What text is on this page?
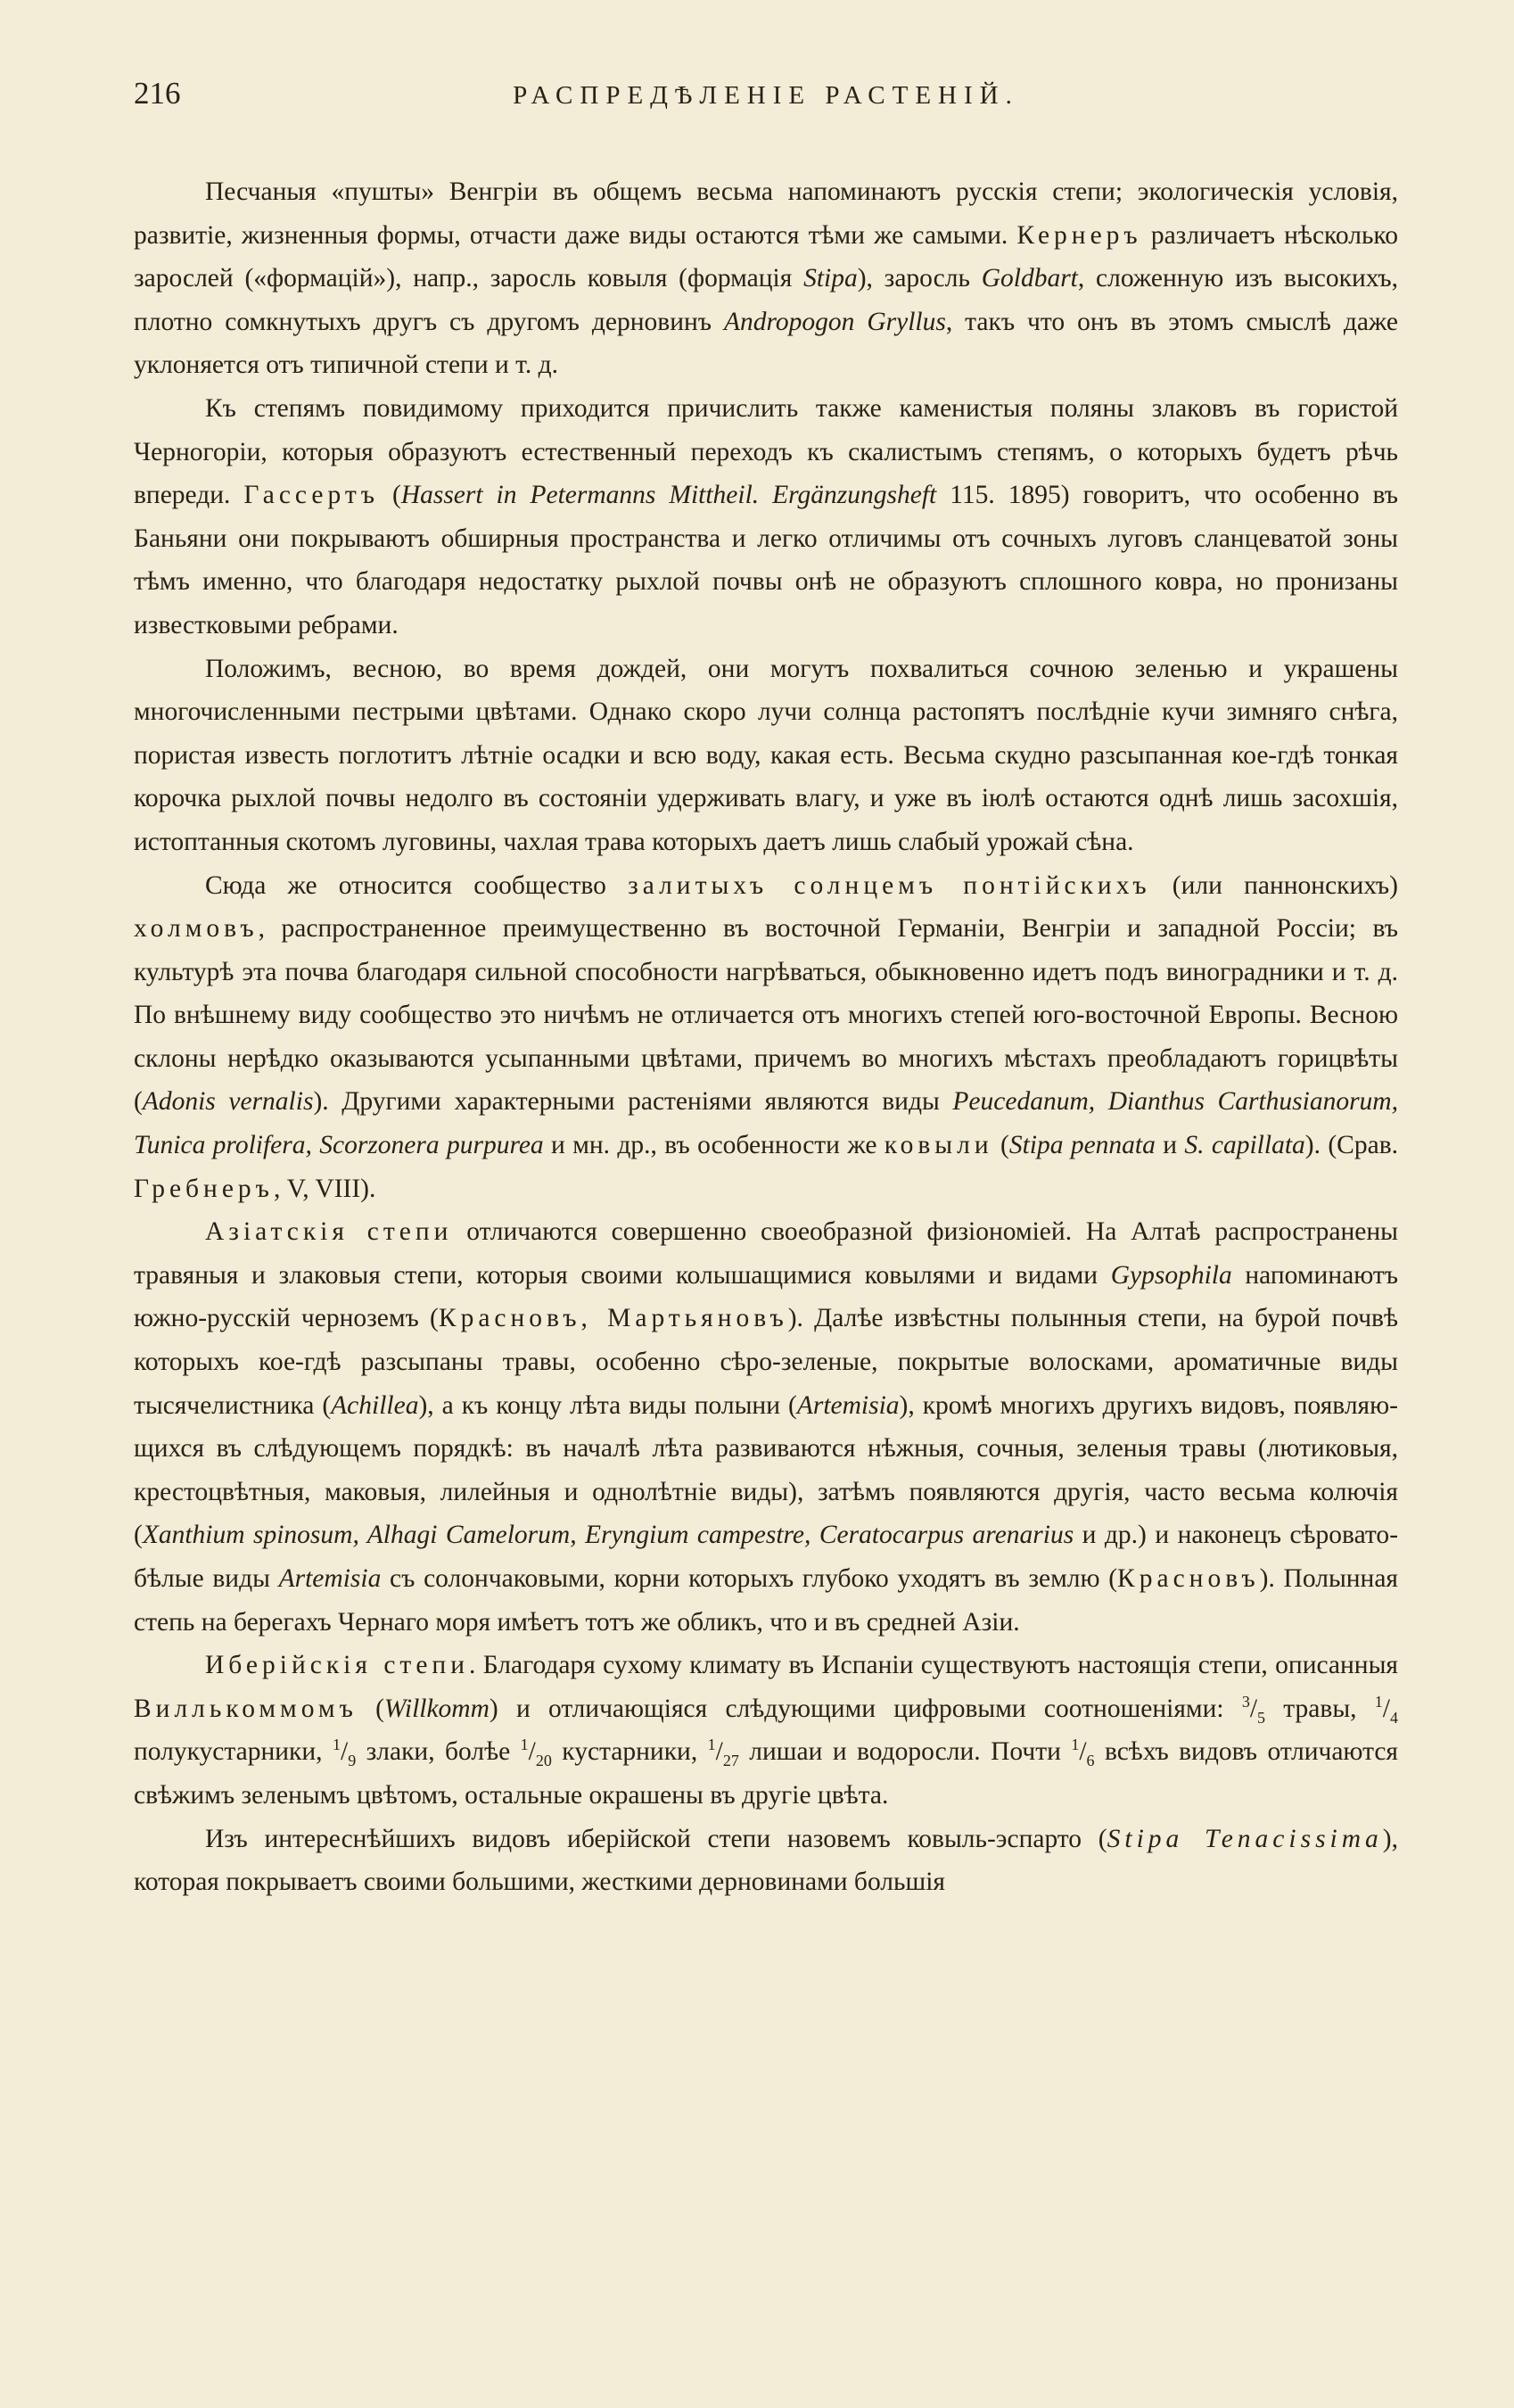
216	РАСПРЕДѢЛЕНІЕ РАСТЕНІЙ.

Песчаныя «пушты» Венгріи въ общемъ весьма напоминаютъ русскія степи; экологическія условія, развитіе, жизненныя формы, отчасти даже виды остаются тѣми же самыми. Кернеръ различаетъ нѣсколько зарослей («формацій»), напр., заросль ковыля (формація Stipa), заросль Goldbart, сложенную изъ высокихъ, плотно сомкнутыхъ другъ съ другомъ дерновинъ Andropogon Gryllus, такъ что онъ въ этомъ смыслѣ даже уклоняется отъ типичной степи и т. д.

Къ степямъ повидимому приходится причислить также каменистыя поляны злаковъ въ гористой Черногоріи, которыя образуютъ естественный переходъ къ скалистымъ степямъ, о которыхъ будетъ рѣчь впереди. Гассертъ (Hassert in Petermanns Mittheil. Ergänzungsheft 115. 1895) говоритъ, что особенно въ Баньяни они покрываютъ обширныя пространства и легко отличимы отъ сочныхъ луговъ сланцеватой зоны тѣмъ именно, что благодаря недостатку рыхлой почвы онѣ не образуютъ сплошного ковра, но пронизаны известковыми ребрами.

Положимъ, весною, во время дождей, они могутъ похвалиться сочною зеленью и украшены многочисленными пестрыми цвѣтами. Однако скоро лучи солнца растопятъ послѣдніе кучи зимняго снѣга, пористая известь поглотитъ лѣтніе осадки и всю воду, какая есть. Весьма скудно разсыпанная кое-гдѣ тонкая корочка рыхлой почвы недолго въ состояніи удерживать влагу, и уже въ іюлѣ остаются однѣ лишь засохшія, истоптанныя скотомъ луговины, чахлая трава которыхъ даетъ лишь слабый урожай сѣна.

Сюда же относится сообщество залитыхъ солнцемъ понтійскихъ (или паннонскихъ) холмовъ, распространенное преимущественно въ восточной Германіи, Венгріи и западной Россіи; въ культурѣ эта почва благодаря сильной способности нагрѣваться, обыкновенно идетъ подъ виноградники и т. д. По внѣшнему виду сообщество это ничѣмъ не отличается отъ многихъ степей юго-восточной Европы. Весною склоны нерѣдко оказываются усыпанными цвѣтами, причемъ во многихъ мѣстахъ преобладаютъ горицвѣты (Adonis vernalis). Другими характерными растеніями являются виды Peucedanum, Dianthus Carthusianorum, Tunica prolifera, Scorzonera purpurea и мн. др., въ особенности же ковыли (Stipa pennata и S. capillata). (Срав. Гребнеръ, V, VIII).

Азіатскія степи отличаются совершенно своеобразной физіономіей. На Алтаѣ распространены травяныя и злаковыя степи, которыя своими колышащимися ковылями и видами Gypsophila напоминаютъ южно-русскій черноземъ (Красновъ, Мартьяновъ). Далѣе извѣстны полынныя степи, на бурой почвѣ которыхъ кое-гдѣ разсыпаны травы, особенно сѣро-зеленые, покрытые волосками, ароматичные виды тысячелистника (Achillea), а къ концу лѣта виды полыни (Artemisia), кромѣ многихъ другихъ видовъ, появляющихся въ слѣдующемъ порядкѣ: въ началѣ лѣта развиваются нѣжныя, сочныя, зеленыя травы (лютиковыя, крестоцвѣтныя, маковыя, лилейныя и однолѣтніе виды), затѣмъ появляются другія, часто весьма колючія (Xanthium spinosum, Alhagi Camelorum, Eryngium campestre, Ceratocarpus arenarius и др.) и наконецъ сѣроватобѣлые виды Artemisia съ солончаковыми, корни которыхъ глубоко уходятъ въ землю (Красновъ). Полынная степь на берегахъ Чернаго моря имѣетъ тотъ же обликъ, что и въ средней Азіи.

Иберійскія степи. Благодаря сухому климату въ Испаніи существуютъ настоящія степи, описанныя Виллькоммомъ (Willkomm) и отличающіяся слѣдующими цифровыми соотношеніями: $^3/_5$ травы, $^1/_4$ полукустарники, $^1/_9$ злаки, болѣе $^1/_{20}$ кустарники, $^1/_{27}$ лишаи и водоросли. Почти $^1/_6$ всѣхъ видовъ отличаются свѣжимъ зеленымъ цвѣтомъ, остальные окрашены въ другіе цвѣта.

Изъ интереснѣйшихъ видовъ иберійской степи назовемъ ковыль-эспарто (Stipa Tenacissima), которая покрываетъ своими большими, жесткими дерновинами большія
